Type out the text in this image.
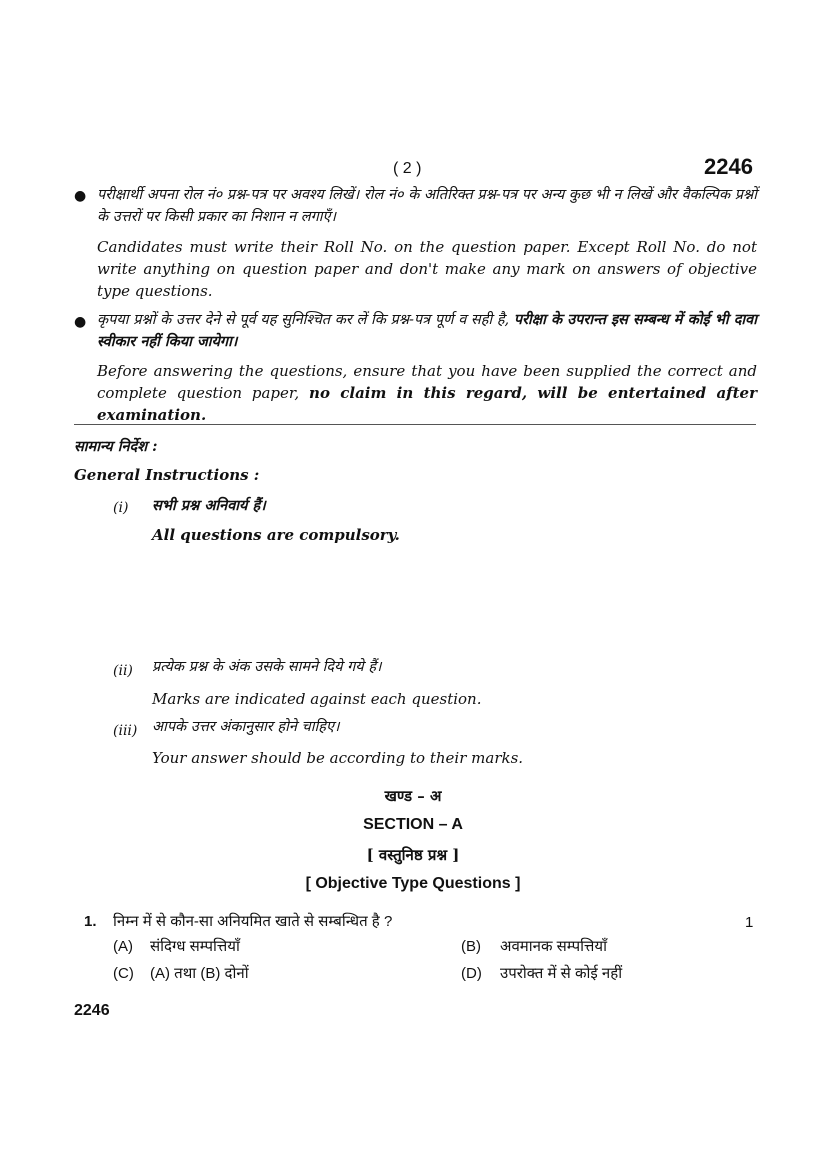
( 2 )	2246
● परीक्षार्थी अपना रोल नं० प्रश्न-पत्र पर अवश्य लिखें। रोल नं० के अतिरिक्त प्रश्न-पत्र पर अन्य कुछ भी न लिखें और वैकल्पिक प्रश्नों के उत्तरों पर किसी प्रकार का निशान न लगाएँ।
Candidates must write their Roll No. on the question paper. Except Roll No. do not write anything on question paper and don't make any mark on answers of objective type questions.
● कृपया प्रश्नों के उत्तर देने से पूर्व यह सुनिश्चित कर लें कि प्रश्न-पत्र पूर्ण व सही है, परीक्षा के उपरान्त इस सम्बन्ध में कोई भी दावा स्वीकार नहीं किया जायेगा।
Before answering the questions, ensure that you have been supplied the correct and complete question paper, no claim in this regard, will be entertained after examination.
सामान्य निर्देश :
General Instructions :
(i) सभी प्रश्न अनिवार्य हैं।
All questions are compulsory.
(ii) प्रत्येक प्रश्न के अंक उसके सामने दिये गये हैं।
Marks are indicated against each question.
(iii) आपके उत्तर अंकानुसार होने चाहिए।
Your answer should be according to their marks.
खण्ड – अ
SECTION – A
[ वस्तुनिष्ठ प्रश्न ]
[ Objective Type Questions ]
1. निम्न में से कौन-सा अनियमित खाते से सम्बन्धित है ?	1
(A) संदिग्ध सम्पत्तियाँ	(B) अवमानक सम्पत्तियाँ
(C) (A) तथा (B) दोनों	(D) उपरोक्त में से कोई नहीं
2246
